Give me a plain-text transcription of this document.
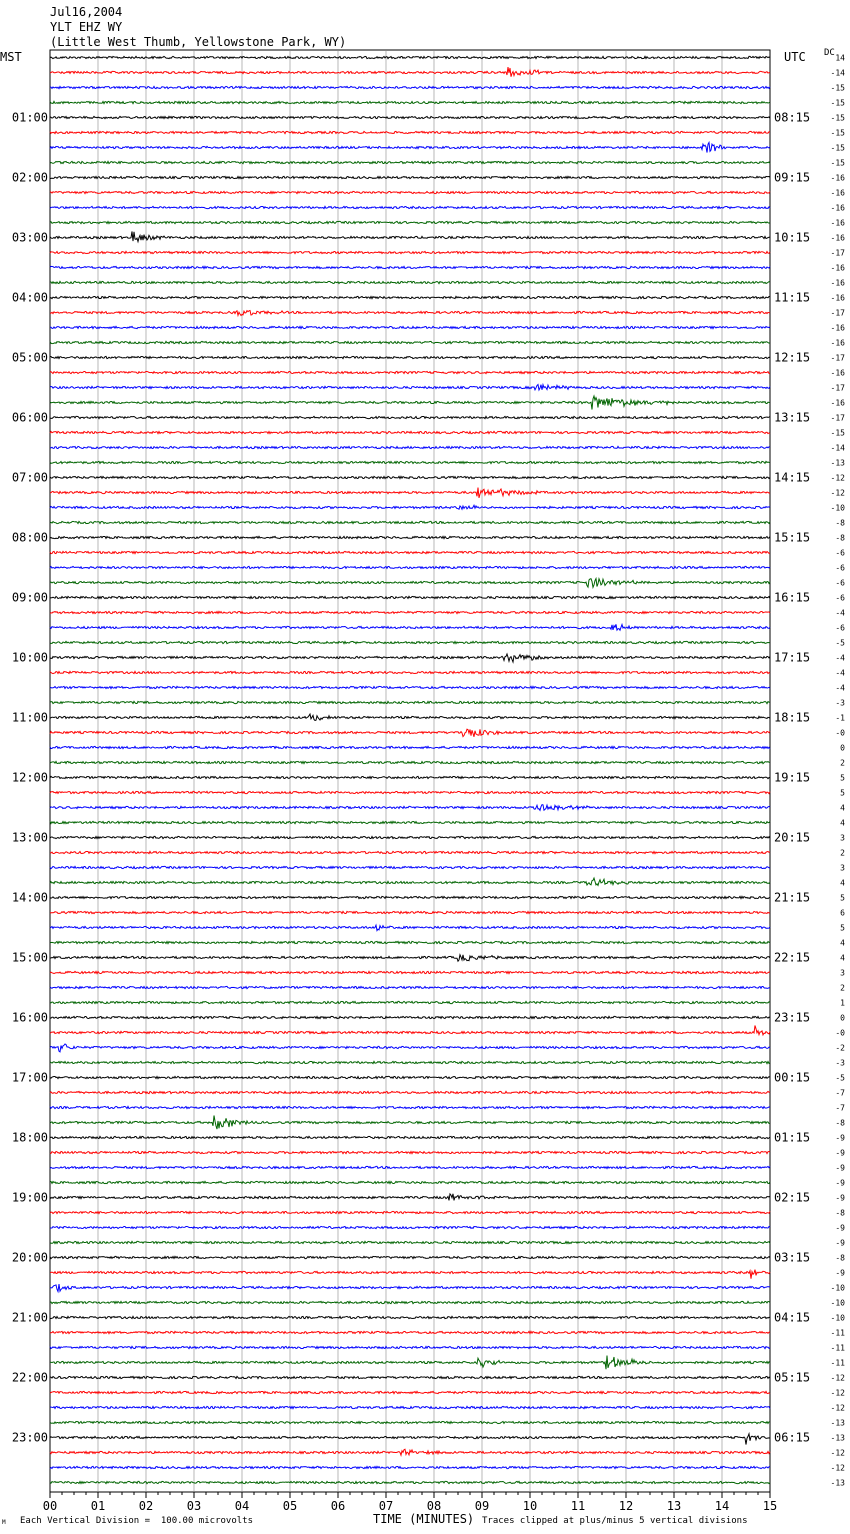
Jul16,2004
YLT EHZ WY
(Little West Thumb, Yellowstone Park, WY)
MST	UTC DC
00	01	02	03	04	05	06	07	08	09	10	11	12	13	14	15
14
-14
-15
-15
-15
01:00	08:15
-15
-15
-15
-16
02:00	09:15
-16
-16
-16
-16
03:00	10:15
-17
-16
-16
-16
04:00	11:15
-17
-16
-16
-17
05:00	12:15
-16
-17
-16
-17
06:00	13:15
-15
-14
-13
-12
07:00	14:15
-12
-10
-8
-8
08:00	15:15
-6
-6
-6
-6
09:00	16:15
-4
-6
-5
-4
10:00	17:15
-4
-4
-3
-1
11:00	18:15
-0
0
2
5
12:00	19:15
5
4
4
3
13:00	20:15
2
3
4
5
14:00	21:15
6
5
4
4
15:00	22:15
3
2
1
0
16:00	23:15
-0
-2
-3
-5
17:00	00:15
-7
-7
-8
-9
18:00	01:15
-9
-9
-9
-9
19:00	02:15
-8
-9
-9
-8
20:00	03:15
-9
-10
-10
-10
21:00	04:15
-11
-11
-11
-12
22:00	05:15
-12
-12
-13
-13
23:00	06:15
-12
-12
-13
TIME (MINUTES)
Each Vertical Division =  100.00 microvolts	Traces clipped at plus/minus 5 vertical divisions
M
